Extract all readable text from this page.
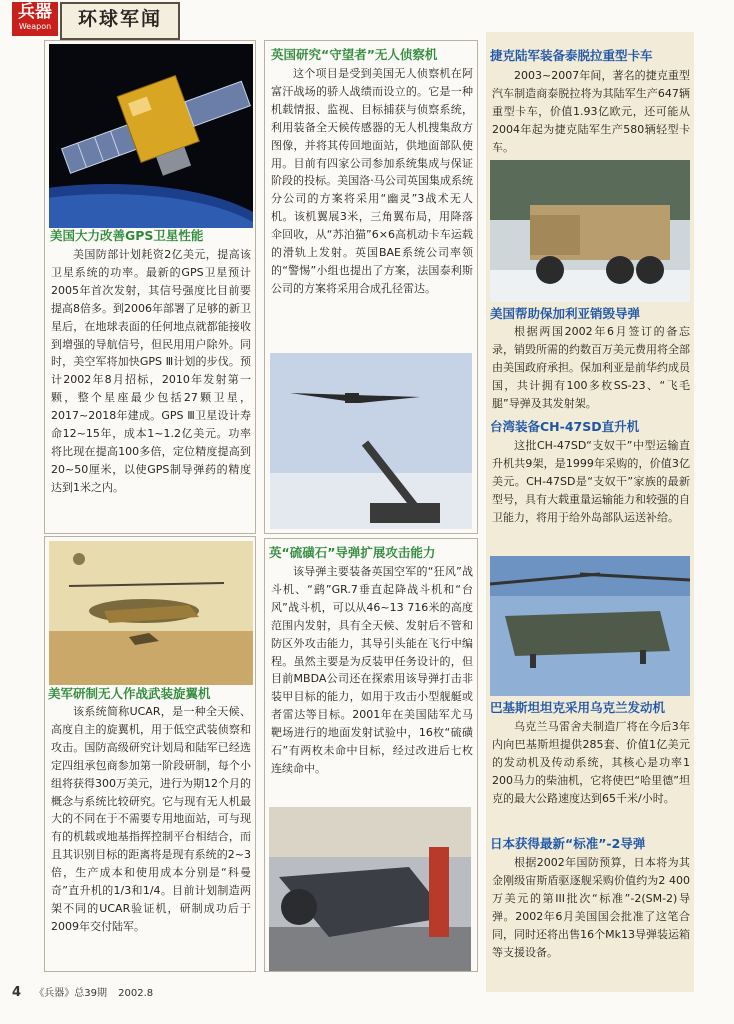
兵器
Weapon	环球军闻
美国大力改善GPS卫星性能

美国防部计划耗资2亿美元，提高该卫星系统的功率。最新的GPS卫星预计2005年首次发射，其信号强度比目前要提高8倍多。到2006年部署了足够的新卫星后，在地球表面的任何地点就都能接收到增强的导航信号，但民用用户除外。同时，美空军将加快GPS Ⅲ计划的步伐。预计2002年8月招标，2010年发射第一颗，整个星座最少包括27颗卫星，2017~2018年建成。GPS Ⅲ卫星设计寿命12~15年，成本1~1.2亿美元。功率将比现在提高100多倍，定位精度提高到20~50厘米，以使GPS制导弹药的精度达到1米之内。

美军研制无人作战武装旋翼机

该系统简称UCAR，是一种全天候、高度自主的旋翼机，用于低空武装侦察和攻击。国防高级研究计划局和陆军已经选定四组承包商参加第一阶段研制，每个小组将获得300万美元，进行为期12个月的概念与系统比较研究。它与现有无人机最大的不同在于不需要专用地面站，可与现有的机载或地基指挥控制平台相结合，而且其识别目标的距离将是现有系统的2~3倍，生产成本和使用成本分别是“科曼奇”直升机的1/3和1/4。目前计划制造两架不同的UCAR验证机，研制成功后于2009年交付陆军。

英国研究“守望者”无人侦察机

这个项目是受到美国无人侦察机在阿富汗战场的骄人战绩而设立的。它是一种机载情报、监视、目标捕获与侦察系统，利用装备全天候传感器的无人机搜集敌方图像，并将其传回地面站，供地面部队使用。目前有四家公司参加系统集成与保证阶段的投标。美国洛·马公司英国集成系统分公司的方案将采用“幽灵”3战术无人机。该机翼展3米，三角翼布局，用降落伞回收，从“苏泊猫”6×6高机动卡车运载的滑轨上发射。英国BAE系统公司率领的“警惕”小组也提出了方案，法国泰利斯公司的方案将采用合成孔径雷达。

英“硫磺石”导弹扩展攻击能力

该导弹主要装备英国空军的“狂风”战斗机、“鹞”GR.7垂直起降战斗机和“台风”战斗机，可以从46~13 716米的高度范围内发射，具有全天候、发射后不管和防区外攻击能力，其导引头能在飞行中编程。虽然主要是为反装甲任务设计的，但目前MBDA公司还在探索用该导弹打击非装甲目标的能力，如用于攻击小型舰艇或者雷达等目标。2001年在美国陆军尤马靶场进行的地面发射试验中，16枚“硫磺石”有两枚未命中目标，经过改进后七枚连续命中。

捷克陆军装备泰脱拉重型卡车

2003~2007年间，著名的捷克重型汽车制造商泰脱拉将为其陆军生产647辆重型卡车，价值1.93亿欧元，还可能从2004年起为捷克陆军生产580辆轻型卡车。

美国帮助保加利亚销毁导弹

根据两国2002年6月签订的备忘录，销毁所需的约数百万美元费用将全部由美国政府承担。保加利亚是前华约成员国，共计拥有100多枚SS-23、“飞毛腿”导弹及其发射架。

台湾装备CH-47SD直升机

这批CH-47SD“支奴干”中型运输直升机共9架，是1999年采购的，价值3亿美元。CH-47SD是“支奴干”家族的最新型号，具有大载重量运输能力和较强的自卫能力，将用于给外岛部队运送补给。

巴基斯坦坦克采用乌克兰发动机

乌克兰马雷舍夫制造厂将在今后3年内向巴基斯坦提供285套、价值1亿美元的发动机及传动系统，其核心是功率1 200马力的柴油机，它将使巴“哈里德”坦克的最大公路速度达到65千米/小时。

日本获得最新“标准”-2导弹

根据2002年国防预算，日本将为其金刚级宙斯盾驱逐舰采购价值约为2 400万美元的第III批次“标准”-2(SM-2)导弹。2002年6月美国国会批准了这笔合同，同时还将出售16个Mk13导弹装运箱等支援设备。

4 《兵器》总39期 2002.8
